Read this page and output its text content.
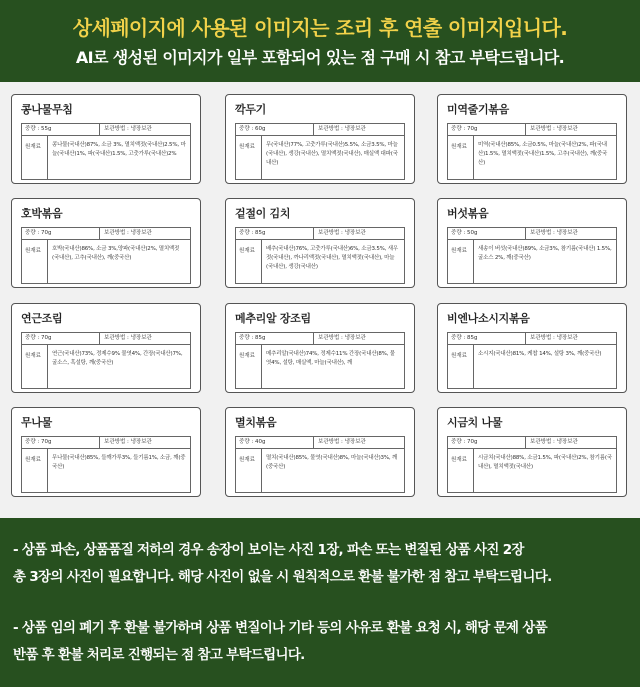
상세페이지에 사용된 이미지는 조리 후 연출 이미지입니다.
AI로 생성된 이미지가 일부 포함되어 있는 점 구매 시 참고 부탁드립니다.
콩나물무침
중량 : 55g	보관방법 : 냉장보관
원재료	콩나물(국내산)87%, 소금 3%, 멸치액젓(국내산)2.5%, 마늘(국내산)1%, 파(국내산)1.5%, 고춧가루(국내산)2%
깍두기
중량 : 60g	보관방법 : 냉장보관
원재료	무(국내산)77%, 고춧가루(국내산)5.5%, 소금3.5%, 마늘(국내산), 생강(국내산), 멸치액젓(국내산), 매실액 대파(국내산)
미역줄기볶음
중량 : 70g	보관방법 : 냉장보관
원재료	미역(국내산)85%, 소금0.5%, 마늘(국내산)2%, 파(국내산)1.5%, 멸치액젓(국내산)1.5%, 고추(국내산), 깨(중국산)
호박볶음
중량 : 70g	보관방법 : 냉장보관
원재료	호박(국내산)86%, 소금 3%,양파(국내산)2%, 멸치액젓(국내산), 고추(국내산), 깨(중국산)
겉절이 김치
중량 : 85g	보관방법 : 냉장보관
원재료	배추(국내산)76%, 고춧가루(국내산)6%, 소금3.5%, 새우젓(국내산), 까나리액젓(국내산), 멸치액젓(국내산), 마늘(국내산), 생강(국내산)
버섯볶음
중량 : 50g	보관방법 : 냉장보관
원재료	새송이 버섯(국내산)89%, 소금3%, 참기름(국내산) 1.5%, 굴소스 2%, 깨(중국산)
연근조림
중량 : 70g	보관방법 : 냉장보관
원재료	연근(국내산)73%, 정제수9% 물엿4%, 간장(국내산)7%, 굴소스, 흑설탕, 깨(중국산)
메추리알 장조림
중량 : 85g	보관방법 : 냉장보관
원재료	메추리알(국내산)74%, 정제수11% 간장(국내산)8%, 물엿4%, 설탕, 매실액, 마늘(국내산), 깨
비엔나소시지볶음
중량 : 85g	보관방법 : 냉장보관
원재료	소시지(국내산)81%, 케찹 14%, 설탕 3%, 깨(중국산)
무나물
중량 : 70g	보관방법 : 냉장보관
원재료	무나물(국내산)85%, 들깨가루3%, 들기름1%, 소금, 깨(중국산)
멸치볶음
중량 : 40g	보관방법 : 냉장보관
원재료	멸치(국내산)85%, 물엿(국내산)8%, 마늘(국내산)3%, 깨(중국산)
시금치 나물
중량 : 70g	보관방법 : 냉장보관
원재료	시금치(국내산)88%, 소금1.5%, 파(국내산)2%, 참기름(국내산), 멸치액젓(국내산)
- 상품 파손, 상품품질 저하의 경우 송장이 보이는 사진 1장, 파손 또는 변질된 상품 사진 2장
총 3장의 사진이 필요합니다. 해당 사진이 없을 시 원칙적으로 환불 불가한 점 참고 부탁드립니다.
- 상품 임의 폐기 후 환불 불가하며 상품 변질이나 기타 등의 사유로 환불 요청 시, 해당 문제 상품
반품 후 환불 처리로 진행되는 점 참고 부탁드립니다.
